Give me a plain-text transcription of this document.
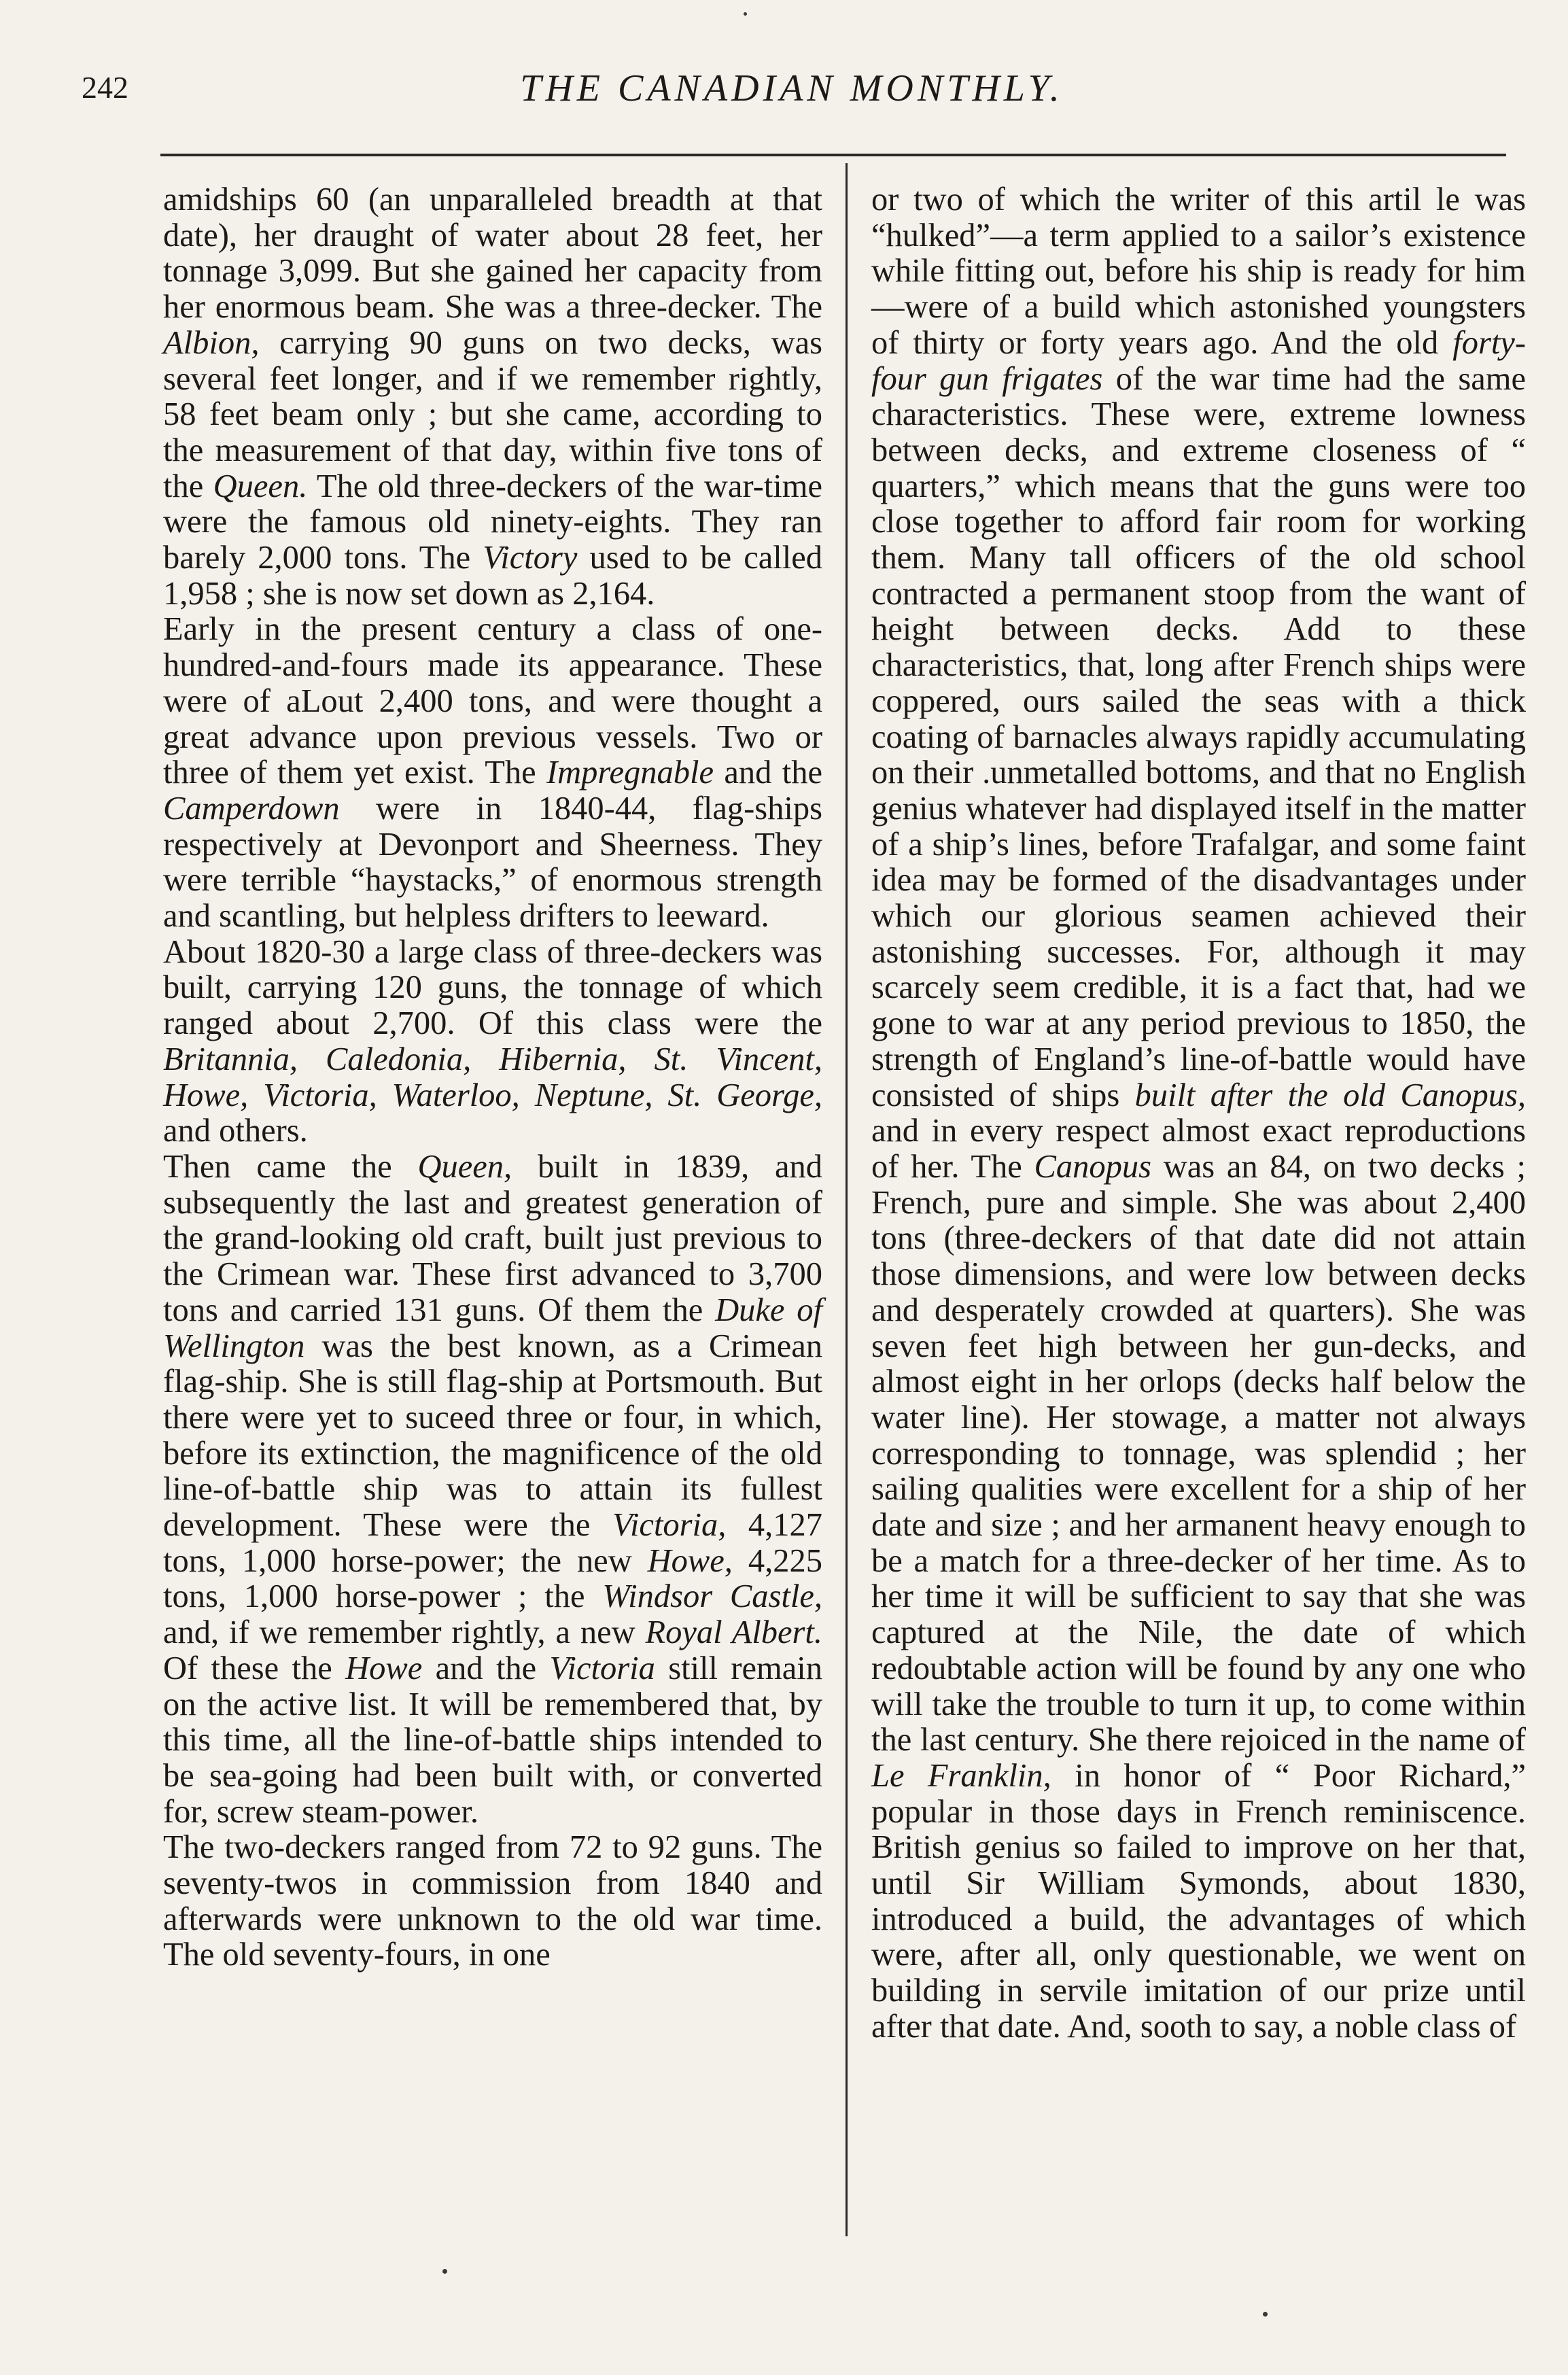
242	THE CANADIAN MONTHLY.

amidships 60 (an unparalleled breadth at that date), her draught of water about 28 feet, her tonnage 3,099. But she gained her capacity from her enormous beam. She was a three-decker. The Albion, carrying 90 guns on two decks, was several feet longer, and if we remember rightly, 58 feet beam only ; but she came, according to the measurement of that day, within five tons of the Queen. The old three-deckers of the war-time were the famous old ninety-eights. They ran barely 2,000 tons. The Victory used to be called 1,958 ; she is now set down as 2,164.

Early in the present century a class of one-hundred-and-fours made its appearance. These were of aLout 2,400 tons, and were thought a great advance upon previous vessels. Two or three of them yet exist. The Impregnable and the Camperdown were in 1840-44, flag-ships respectively at Devonport and Sheerness. They were terrible “haystacks,” of enormous strength and scantling, but helpless drifters to leeward.

About 1820-30 a large class of three-deckers was built, carrying 120 guns, the tonnage of which ranged about 2,700. Of this class were the Britannia, Caledonia, Hibernia, St. Vincent, Howe, Victoria, Waterloo, Neptune, St. George, and others.

Then came the Queen, built in 1839, and subsequently the last and greatest generation of the grand-looking old craft, built just previous to the Crimean war. These first advanced to 3,700 tons and carried 131 guns. Of them the Duke of Wellington was the best known, as a Crimean flag-ship. She is still flag-ship at Portsmouth. But there were yet to suceed three or four, in which, before its extinction, the magnificence of the old line-of-battle ship was to attain its fullest development. These were the Victoria, 4,127 tons, 1,000 horse-power; the new Howe, 4,225 tons, 1,000 horse-power ; the Windsor Castle, and, if we remember rightly, a new Royal Albert. Of these the Howe and the Victoria still remain on the active list. It will be remembered that, by this time, all the line-of-battle ships intended to be sea-going had been built with, or converted for, screw steam-power.

The two-deckers ranged from 72 to 92 guns. The seventy-twos in commission from 1840 and afterwards were unknown to the old war time. The old seventy-fours, in one

or two of which the writer of this artil le was “hulked”—a term applied to a sailor’s existence while fitting out, before his ship is ready for him—were of a build which astonished youngsters of thirty or forty years ago. And the old forty-four gun frigates of the war time had the same characteristics. These were, extreme lowness between decks, and extreme closeness of “ quarters,” which means that the guns were too close together to afford fair room for working them. Many tall officers of the old school contracted a permanent stoop from the want of height between decks. Add to these characteristics, that, long after French ships were coppered, ours sailed the seas with a thick coating of barnacles always rapidly accumulating on their .unmetalled bottoms, and that no English genius whatever had displayed itself in the matter of a ship’s lines, before Trafalgar, and some faint idea may be formed of the disadvantages under which our glorious seamen achieved their astonishing successes. For, although it may scarcely seem credible, it is a fact that, had we gone to war at any period previous to 1850, the strength of England’s line-of-battle would have consisted of ships built after the old Canopus, and in every respect almost exact reproductions of her. The Canopus was an 84, on two decks ; French, pure and simple. She was about 2,400 tons (three-deckers of that date did not attain those dimensions, and were low between decks and desperately crowded at quarters). She was seven feet high between her gun-decks, and almost eight in her orlops (decks half below the water line). Her stowage, a matter not always corresponding to tonnage, was splendid ; her sailing qualities were excellent for a ship of her date and size ; and her armanent heavy enough to be a match for a three-decker of her time. As to her time it will be sufficient to say that she was captured at the Nile, the date of which redoubtable action will be found by any one who will take the trouble to turn it up, to come within the last century. She there rejoiced in the name of Le Franklin, in honor of “ Poor Richard,” popular in those days in French reminiscence. British genius so failed to improve on her that, until Sir William Symonds, about 1830, introduced a build, the advantages of which were, after all, only questionable, we went on building in servile imitation of our prize until after that date. And, sooth to say, a noble class of
